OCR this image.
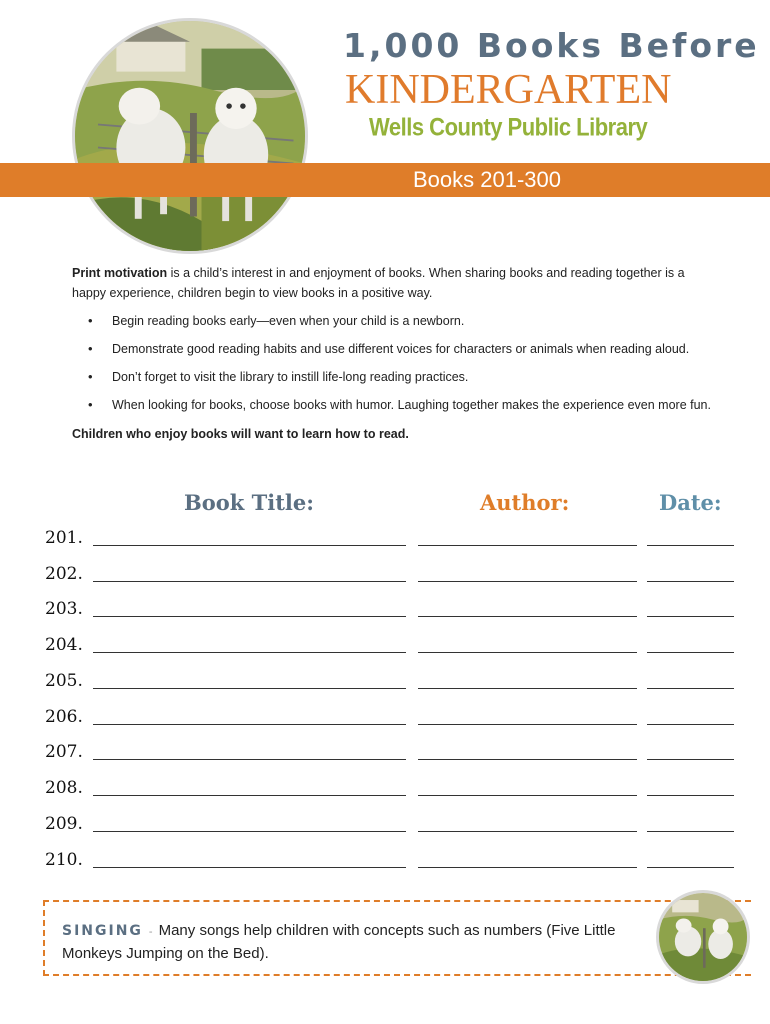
1,000 Books Before
KINDERGARTEN
Wells County Public Library
Books 201-300
Print motivation is a child’s interest in and enjoyment of books. When sharing books and reading together is a happy experience, children begin to view books in a positive way.
• Begin reading books early—even when your child is a newborn.
• Demonstrate good reading habits and use different voices for characters or animals when reading aloud.
• Don’t forget to visit the library to instill life-long reading practices.
• When looking for books, choose books with humor. Laughing together makes the experience even more fun.
Children who enjoy books will want to learn how to read.
Book Title:	Author:	Date:
201.
202.
203.
204.
205.
206.
207.
208.
209.
210.
SINGING - Many songs help children with concepts such as numbers (Five Little Monkeys Jumping on the Bed).
